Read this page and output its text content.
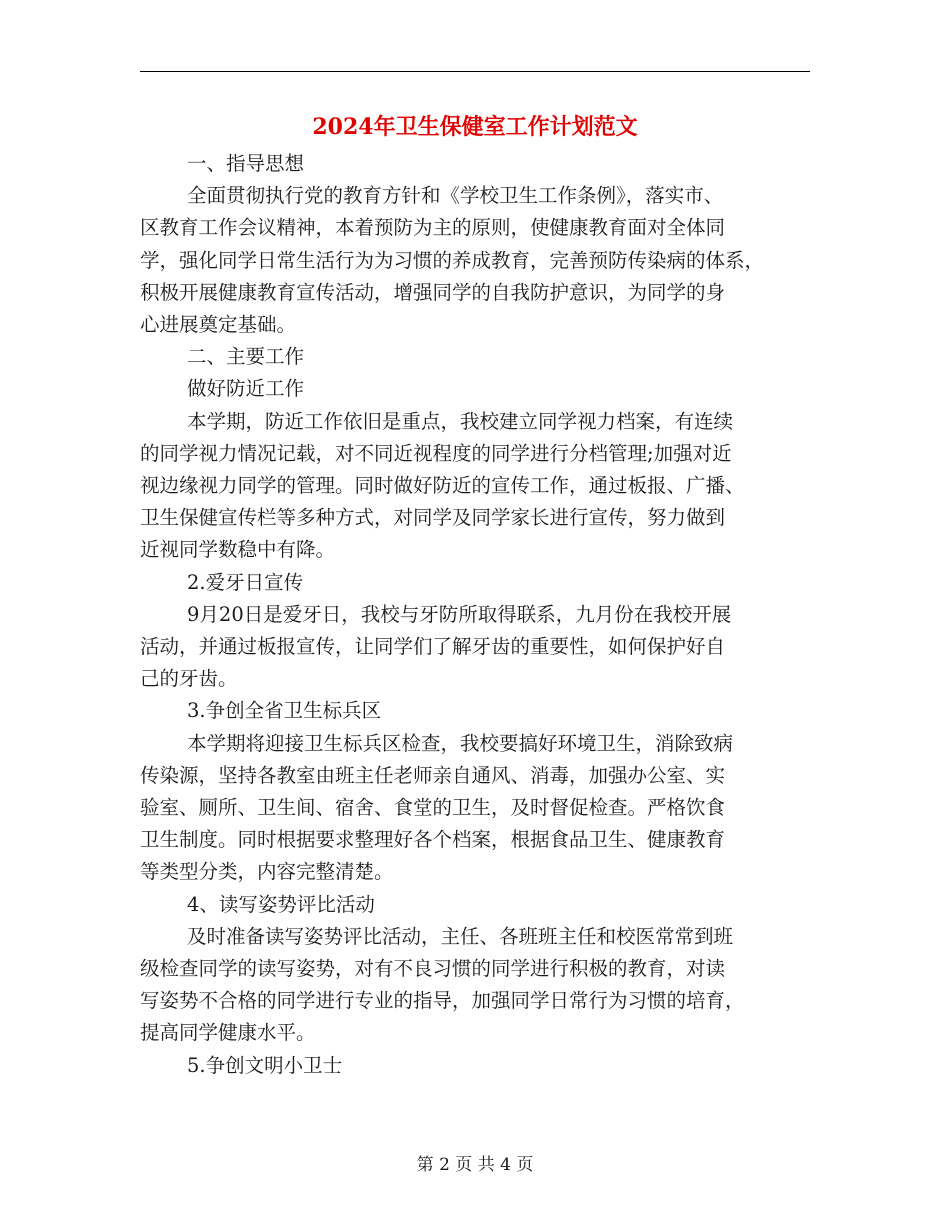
2024年卫生保健室工作计划范文
一、指导思想
全面贯彻执行党的教育方针和《学校卫生工作条例》，落实市、
区教育工作会议精神，本着预防为主的原则，使健康教育面对全体同
学，强化同学日常生活行为为习惯的养成教育，完善预防传染病的体系，
积极开展健康教育宣传活动，增强同学的自我防护意识，为同学的身
心进展奠定基础。
二、主要工作
做好防近工作
本学期，防近工作依旧是重点，我校建立同学视力档案，有连续
的同学视力情况记载，对不同近视程度的同学进行分档管理;加强对近
视边缘视力同学的管理。同时做好防近的宣传工作，通过板报、广播、
卫生保健宣传栏等多种方式，对同学及同学家长进行宣传，努力做到
近视同学数稳中有降。
2.爱牙日宣传
9月20日是爱牙日，我校与牙防所取得联系，九月份在我校开展
活动，并通过板报宣传，让同学们了解牙齿的重要性，如何保护好自
己的牙齿。
3.争创全省卫生标兵区
本学期将迎接卫生标兵区检查，我校要搞好环境卫生，消除致病
传染源，坚持各教室由班主任老师亲自通风、消毒，加强办公室、实
验室、厕所、卫生间、宿舍、食堂的卫生，及时督促检查。严格饮食
卫生制度。同时根据要求整理好各个档案，根据食品卫生、健康教育
等类型分类，内容完整清楚。
4、读写姿势评比活动
及时准备读写姿势评比活动，主任、各班班主任和校医常常到班
级检查同学的读写姿势，对有不良习惯的同学进行积极的教育，对读
写姿势不合格的同学进行专业的指导，加强同学日常行为习惯的培育，
提高同学健康水平。
5.争创文明小卫士
第 2 页 共 4 页
